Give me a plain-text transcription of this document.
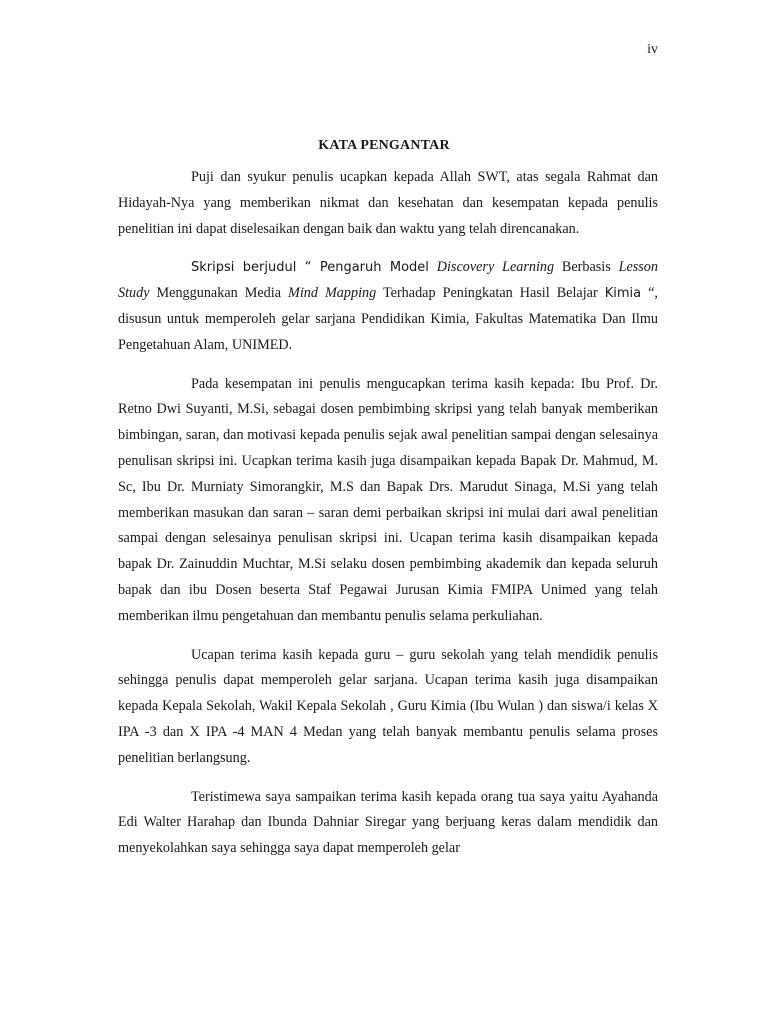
iv
KATA PENGANTAR

Puji dan syukur penulis ucapkan kepada Allah SWT, atas segala Rahmat dan Hidayah-Nya yang memberikan nikmat dan kesehatan dan kesempatan kepada penulis penelitian ini dapat diselesaikan dengan baik dan waktu yang telah direncanakan.

Skripsi berjudul “ Pengaruh Model Discovery Learning Berbasis Lesson Study Menggunakan Media Mind Mapping Terhadap Peningkatan Hasil Belajar Kimia “, disusun untuk memperoleh gelar sarjana Pendidikan Kimia, Fakultas Matematika Dan Ilmu Pengetahuan Alam, UNIMED.

Pada kesempatan ini penulis mengucapkan terima kasih kepada: Ibu Prof. Dr. Retno Dwi Suyanti, M.Si, sebagai dosen pembimbing skripsi yang telah banyak memberikan bimbingan, saran, dan motivasi kepada penulis sejak awal penelitian sampai dengan selesainya penulisan skripsi ini. Ucapkan terima kasih juga disampaikan kepada Bapak Dr. Mahmud, M. Sc, Ibu Dr. Murniaty Simorangkir, M.S dan Bapak Drs. Marudut Sinaga, M.Si yang telah memberikan masukan dan saran – saran demi perbaikan skripsi ini mulai dari awal penelitian sampai dengan selesainya penulisan skripsi ini. Ucapan terima kasih disampaikan kepada bapak Dr. Zainuddin Muchtar, M.Si selaku dosen pembimbing akademik dan kepada seluruh bapak dan ibu Dosen beserta Staf Pegawai Jurusan Kimia FMIPA Unimed yang telah memberikan ilmu pengetahuan dan membantu penulis selama perkuliahan.

Ucapan terima kasih kepada guru – guru sekolah yang telah mendidik penulis sehingga penulis dapat memperoleh gelar sarjana. Ucapan terima kasih juga disampaikan kepada Kepala Sekolah, Wakil Kepala Sekolah , Guru Kimia (Ibu Wulan ) dan siswa/i kelas X IPA -3 dan X IPA -4 MAN 4 Medan yang telah banyak membantu penulis selama proses penelitian berlangsung.

Teristimewa saya sampaikan terima kasih kepada orang tua saya yaitu Ayahanda Edi Walter Harahap dan Ibunda Dahniar Siregar yang berjuang keras dalam mendidik dan menyekolahkan saya sehingga saya dapat memperoleh gelar
